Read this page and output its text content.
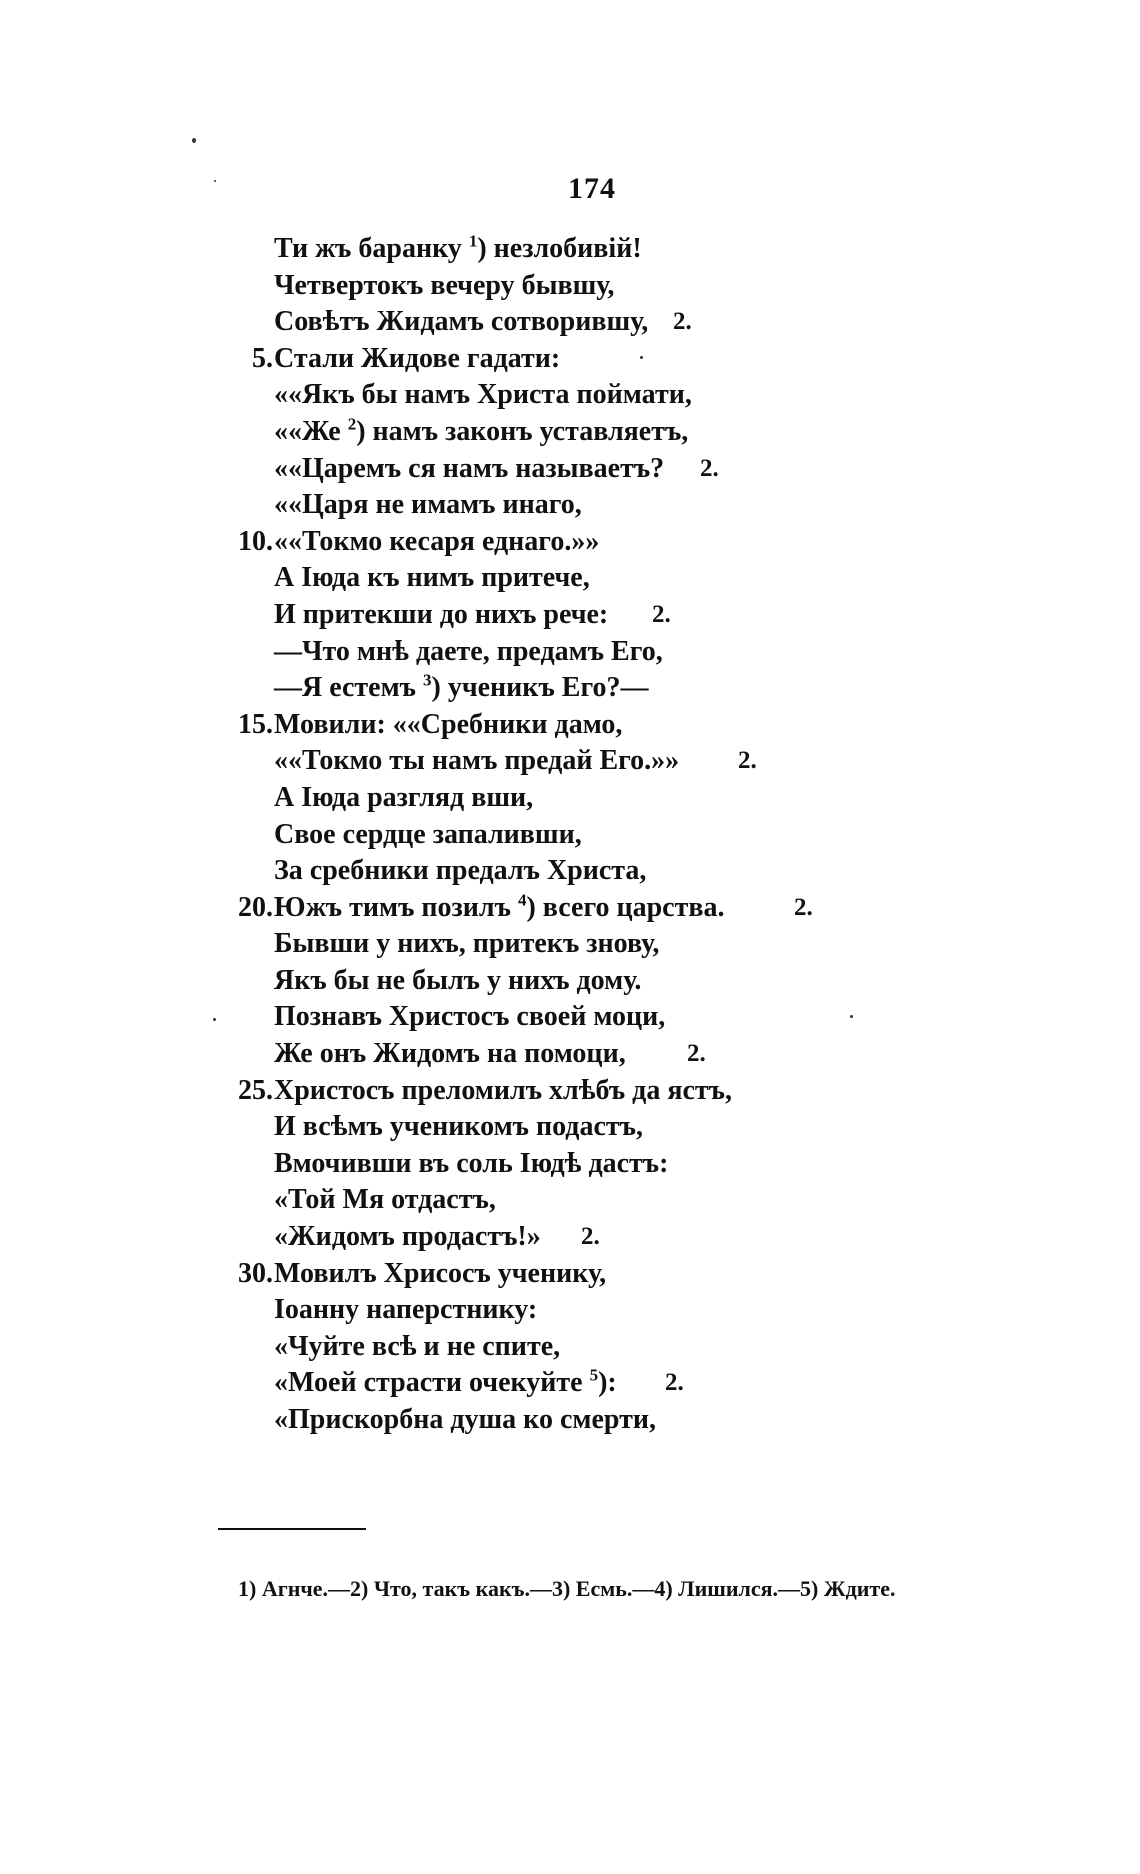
174
Ти жъ баранку $^1$) незлобивій!
Четвертокъ вечеру бывшу,
Совѣтъ Жидамъ сотворившу, 2.
5. Стали Жидове гадати:
««Якъ бы намъ Христа поймати,
««Же $^2$) намъ законъ уставляетъ,
««Царемъ ся намъ называетъ? 2.
««Царя не имамъ инаго,
10. ««Токмо кесаря еднаго.»»
А Іюда къ нимъ притече,
И притекши до нихъ рече: 2.
—Что мнѣ даете, предамъ Его,
—Я естемъ $^3$) ученикъ Его?—
15. Мовили: ««Сребники дамо,
««Токмо ты намъ предай Его.»» 2.
А Іюда разгляд вши,
Свое сердце запаливши,
За сребники предалъ Христа,
20. Южъ тимъ позилъ $^4$) всего царства.	2.
Бывши у нихъ, притекъ знову,
Якъ бы не былъ у нихъ дому.
Познавъ Христосъ своей моци,
Же онъ Жидомъ на помоци, 2.
25. Христосъ преломилъ хлѣбъ да ястъ,
И всѣмъ ученикомъ подастъ,
Вмочивши въ соль Іюдѣ дастъ:
«Той Мя отдастъ,
«Жидомъ продастъ!» 2.
30. Мовилъ Хрисосъ ученику,
Іоанну наперстнику:
«Чуйте всѣ и не спите,
«Моей страсти очекуйте $^5$): 2.
«Прискорбна душа ко смерти,
1) Агнче.—2) Что, такъ какъ.—3) Есмь.—4) Лишился.—5) Ждите.
